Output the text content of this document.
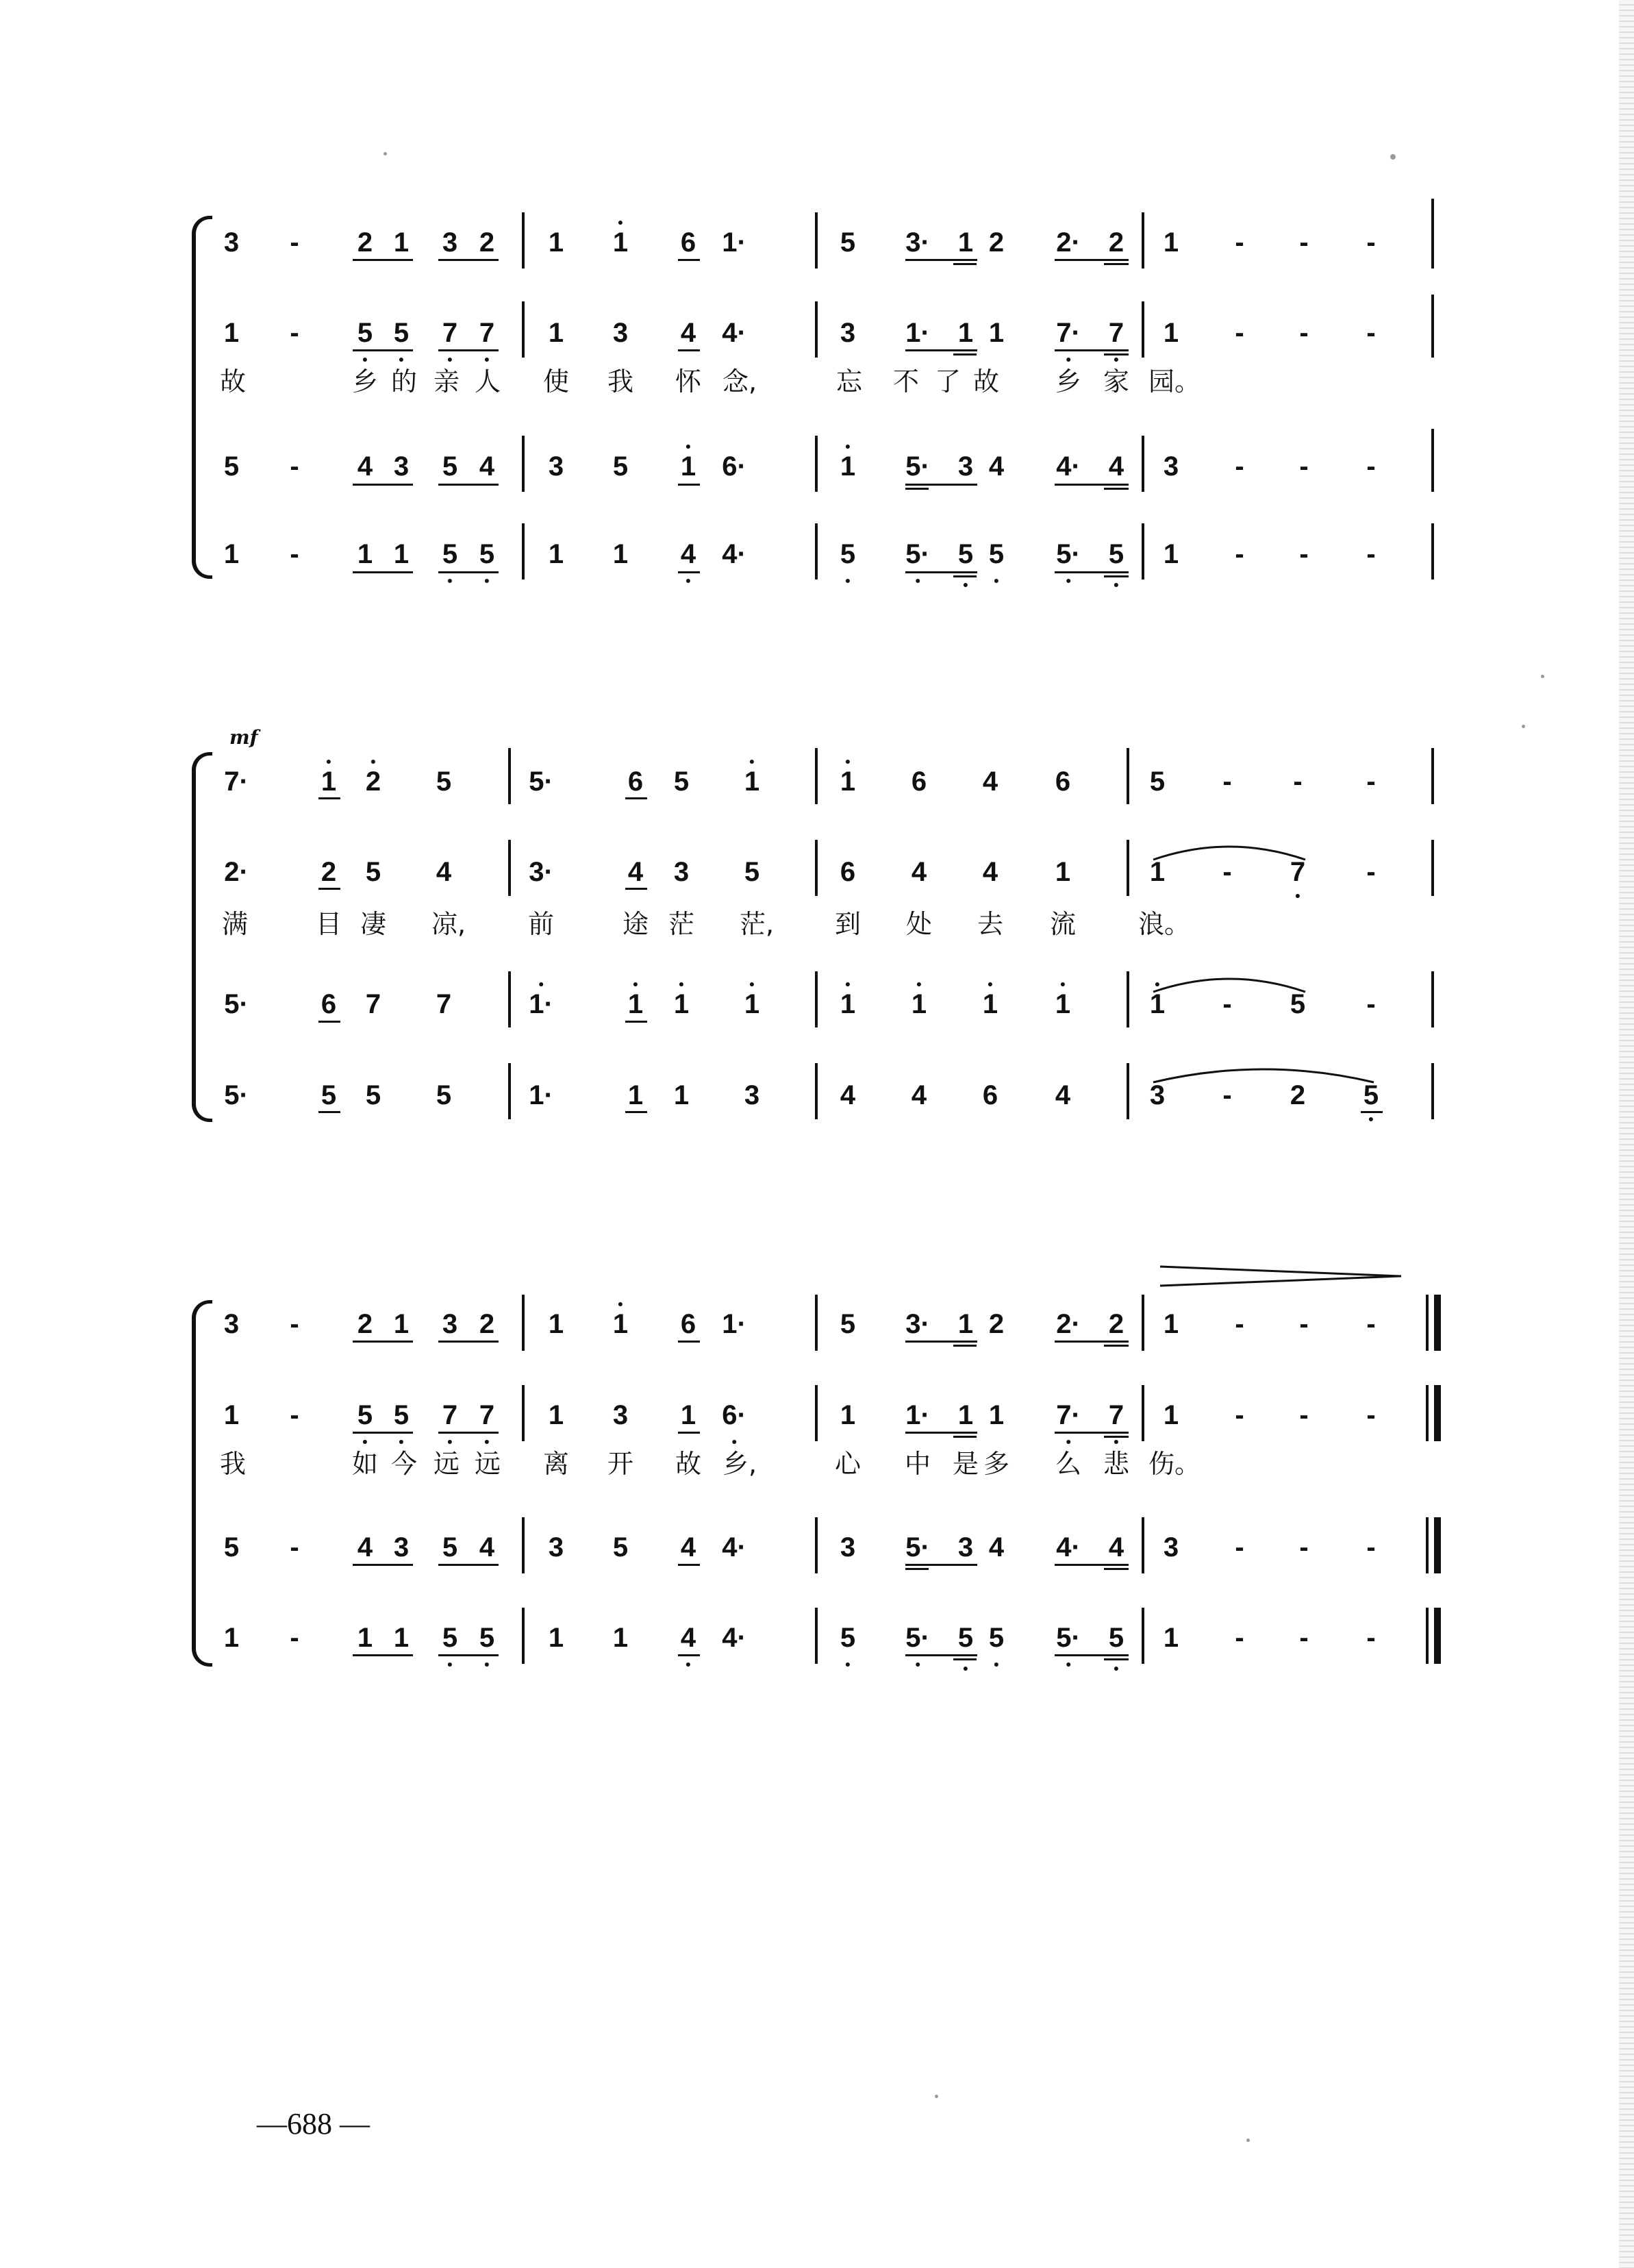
3 - 2 1 3 2 1 1 6 1·	5 3· 1 2 2· 2 1 - - -
1 - 5 5 7 7 1 3 4 4·	3 1· 1 1 7· 7 1 - - -
故	乡 的 亲 人 使 我 怀 念,	忘 不 了 故 乡 家 园。
5 - 4 3 5 4 3 5 1 6·	1 5· 3 4 4· 4 3 - - -
1 - 1 1 5 5 1 1 4 4·	5 5· 5 5 5· 5 1 - - -
mf
7·	1 2 5	5·	6 5 1	1 6 4 6	5 - - -
2·	2 5 4	3·	4 3 5	6 4 4 1	1 - 7 -
满	目 凄 凉, 前	途 茫 茫, 到 处 去 流 浪。
5·	6 7 7	1·	1 1 1	1 1 1 1	1 - 5 -
5·	5 5 5	1·	1 1 3	4 4 6 4	3 - 2 5
3 - 2 1 3 2 1 1 6 1·	5 3· 1 2 2· 2 1 - - -
1 - 5 5 7 7 1 3 1 6·	1 1· 1 1 7· 7 1 - - -
我	如 今 远 远 离 开 故 乡,	心 中 是 多 么 悲 伤。
5 - 4 3 5 4 3 5 4 4·	3 5· 3 4 4· 4 3 - - -
1 - 1 1 5 5 1 1 4 4·	5 5· 5 5 5· 5 1 - - -
—688 —
